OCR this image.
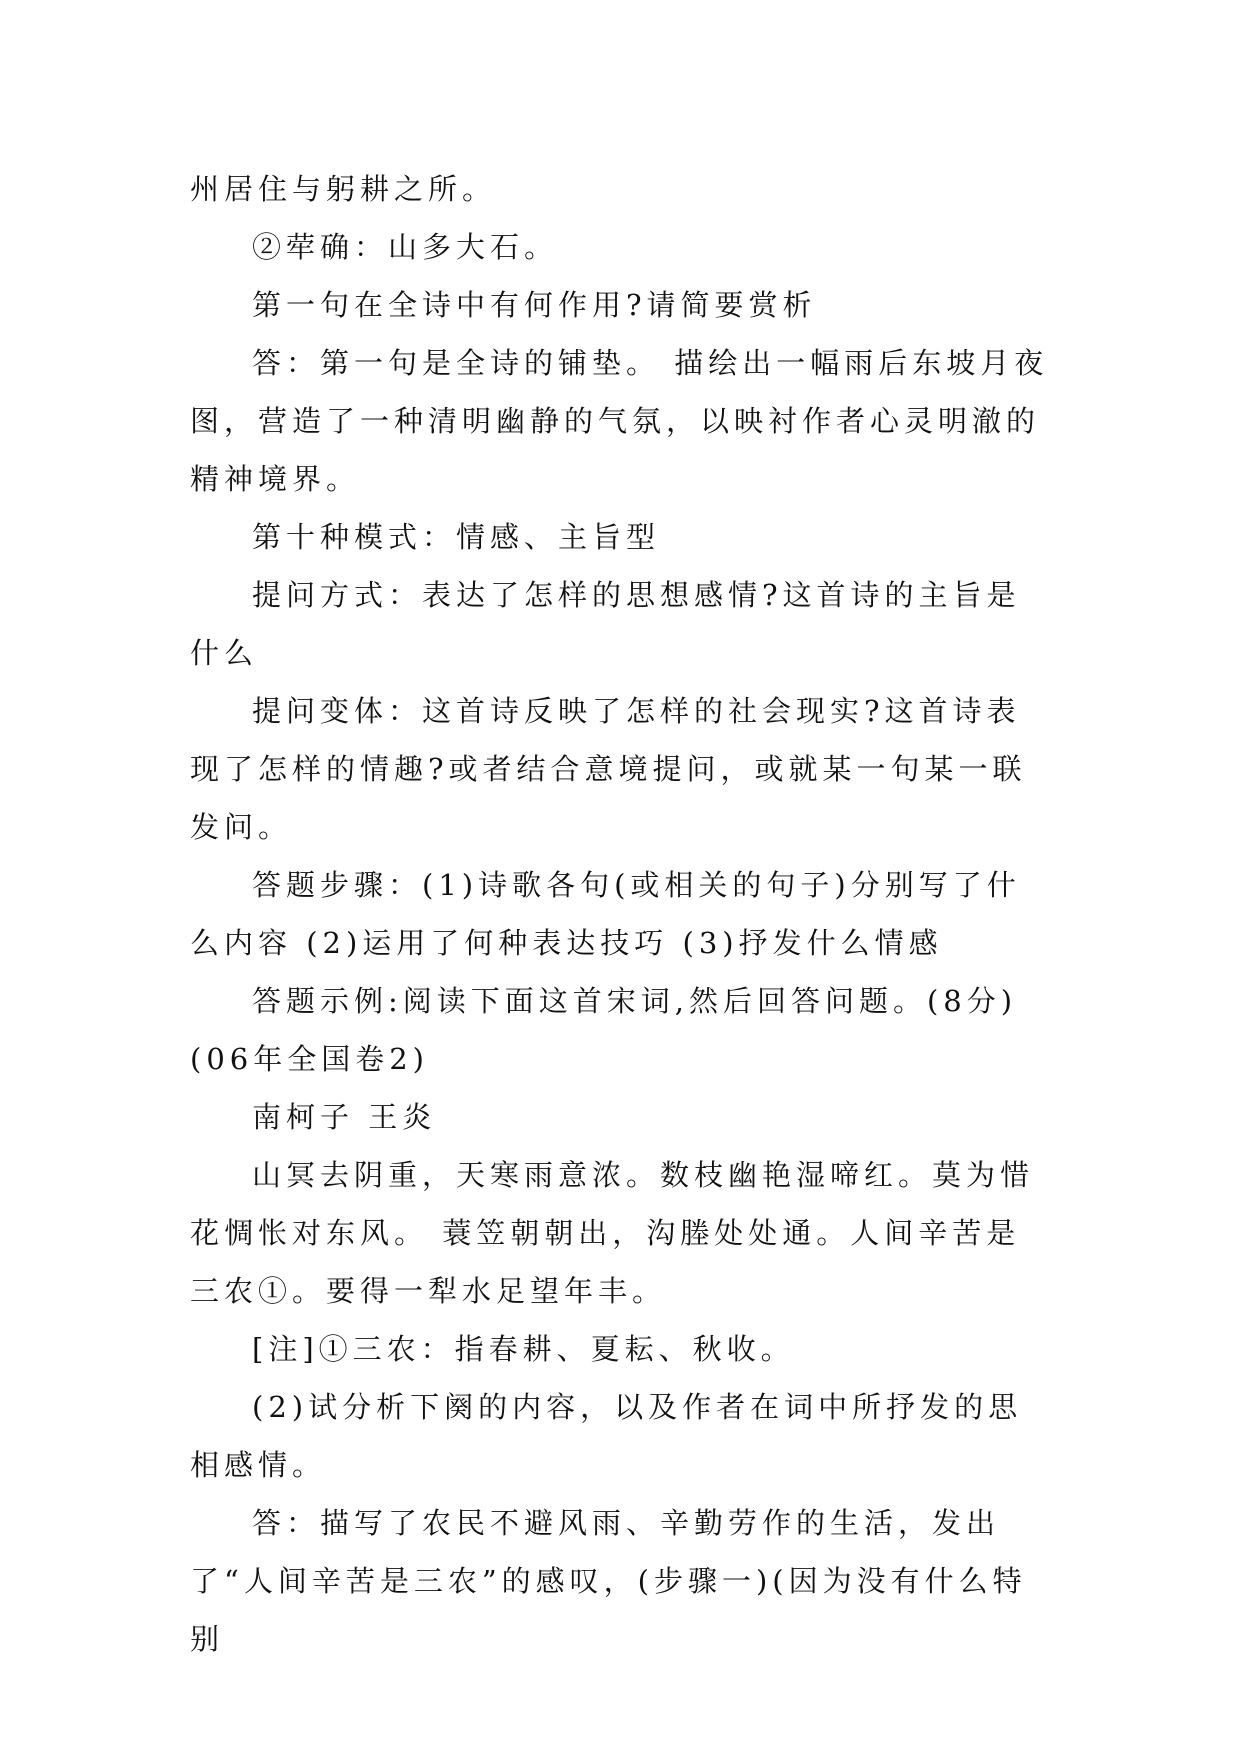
州居住与躬耕之所。

②荦确：山多大石。

第一句在全诗中有何作用?请简要赏析

答：第一句是全诗的铺垫。 描绘出一幅雨后东坡月夜图，营造了一种清明幽静的气氛，以映衬作者心灵明澈的精神境界。

第十种模式：情感、主旨型

提问方式：表达了怎样的思想感情?这首诗的主旨是什么

提问变体：这首诗反映了怎样的社会现实?这首诗表现了怎样的情趣?或者结合意境提问，或就某一句某一联发问。

答题步骤：(1)诗歌各句(或相关的句子)分别写了什么内容 (2)运用了何种表达技巧 (3)抒发什么情感

答题示例:阅读下面这首宋词,然后回答问题。(8分)(06年全国卷2)

南柯子 王炎

山冥去阴重，天寒雨意浓。数枝幽艳湿啼红。莫为惜花惆怅对东风。 蓑笠朝朝出，沟塍处处通。人间辛苦是三农①。要得一犁水足望年丰。

[注]①三农：指春耕、夏耘、秋收。

(2)试分析下阕的内容，以及作者在词中所抒发的思相感情。

答：描写了农民不避风雨、辛勤劳作的生活，发出了“人间辛苦是三农”的感叹，(步骤一)(因为没有什么特别
